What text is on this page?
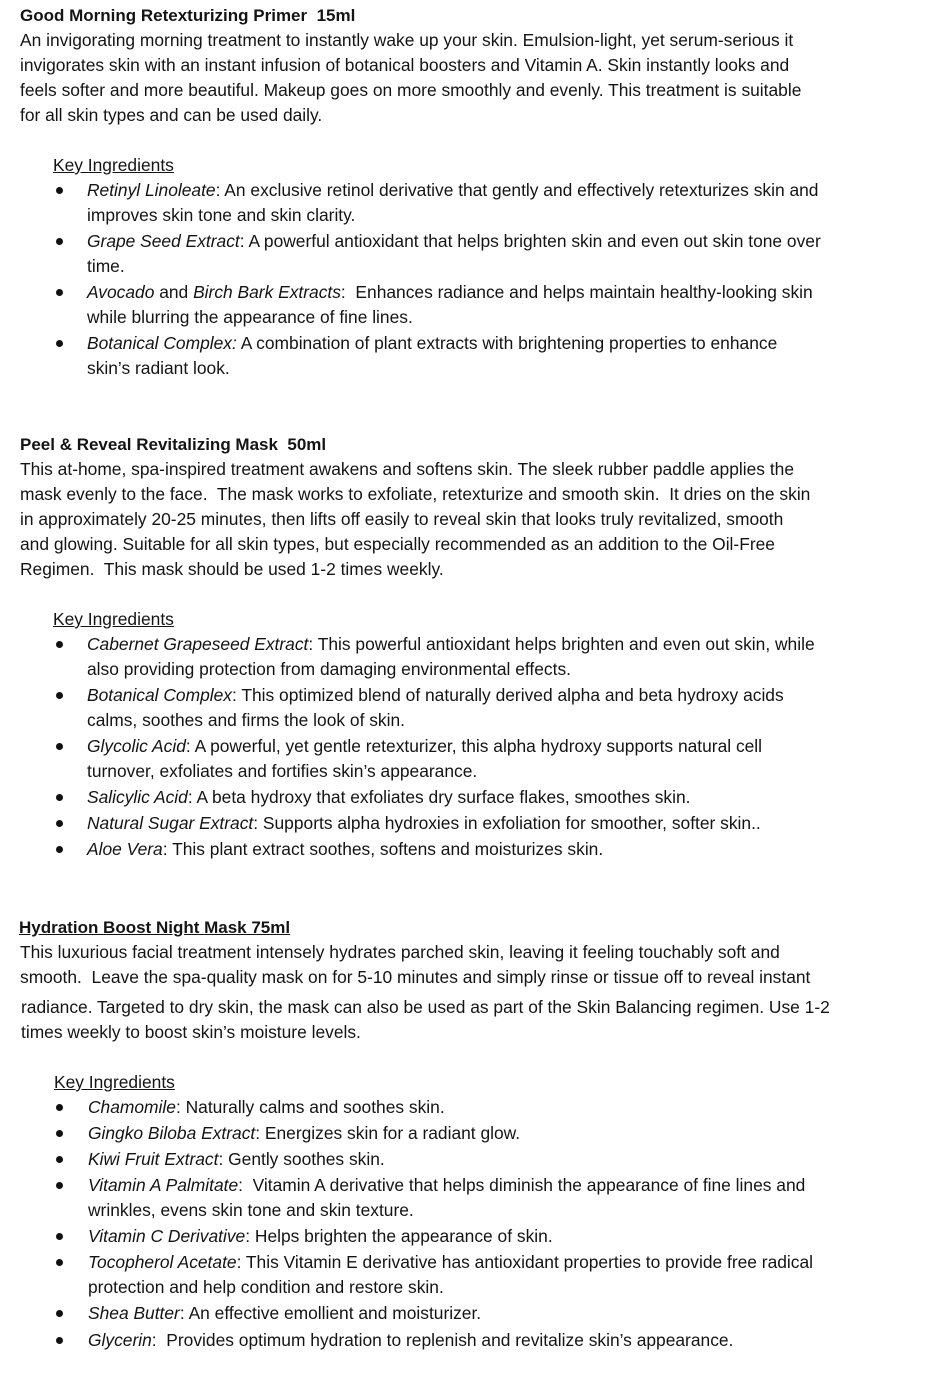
Good Morning Retexturizing Primer  15ml
An invigorating morning treatment to instantly wake up your skin. Emulsion-light, yet serum-serious it
invigorates skin with an instant infusion of botanical boosters and Vitamin A. Skin instantly looks and
feels softer and more beautiful. Makeup goes on more smoothly and evenly. This treatment is suitable
for all skin types and can be used daily.
Key Ingredients
Retinyl Linoleate: An exclusive retinol derivative that gently and effectively retexturizes skin and
improves skin tone and skin clarity.
Grape Seed Extract: A powerful antioxidant that helps brighten skin and even out skin tone over
time.
Avocado and Birch Bark Extracts:  Enhances radiance and helps maintain healthy-looking skin
while blurring the appearance of fine lines.
Botanical Complex: A combination of plant extracts with brightening properties to enhance
skin’s radiant look.
Peel & Reveal Revitalizing Mask  50ml
This at-home, spa-inspired treatment awakens and softens skin. The sleek rubber paddle applies the
mask evenly to the face.  The mask works to exfoliate, retexturize and smooth skin.  It dries on the skin
in approximately 20-25 minutes, then lifts off easily to reveal skin that looks truly revitalized, smooth
and glowing. Suitable for all skin types, but especially recommended as an addition to the Oil-Free
Regimen.  This mask should be used 1-2 times weekly.
Key Ingredients
Cabernet Grapeseed Extract: This powerful antioxidant helps brighten and even out skin, while
also providing protection from damaging environmental effects.
Botanical Complex: This optimized blend of naturally derived alpha and beta hydroxy acids
calms, soothes and firms the look of skin.
Glycolic Acid: A powerful, yet gentle retexturizer, this alpha hydroxy supports natural cell
turnover, exfoliates and fortifies skin’s appearance.
Salicylic Acid: A beta hydroxy that exfoliates dry surface flakes, smoothes skin.
Natural Sugar Extract: Supports alpha hydroxies in exfoliation for smoother, softer skin..
Aloe Vera: This plant extract soothes, softens and moisturizes skin.
Hydration Boost Night Mask 75ml
This luxurious facial treatment intensely hydrates parched skin, leaving it feeling touchably soft and
smooth.  Leave the spa-quality mask on for 5-10 minutes and simply rinse or tissue off to reveal instant
radiance. Targeted to dry skin, the mask can also be used as part of the Skin Balancing regimen. Use 1-2
times weekly to boost skin’s moisture levels.
Key Ingredients
Chamomile: Naturally calms and soothes skin.
Gingko Biloba Extract: Energizes skin for a radiant glow.
Kiwi Fruit Extract: Gently soothes skin.
Vitamin A Palmitate:  Vitamin A derivative that helps diminish the appearance of fine lines and
wrinkles, evens skin tone and skin texture.
Vitamin C Derivative: Helps brighten the appearance of skin.
Tocopherol Acetate: This Vitamin E derivative has antioxidant properties to provide free radical
protection and help condition and restore skin.
Shea Butter: An effective emollient and moisturizer.
Glycerin:  Provides optimum hydration to replenish and revitalize skin’s appearance.
